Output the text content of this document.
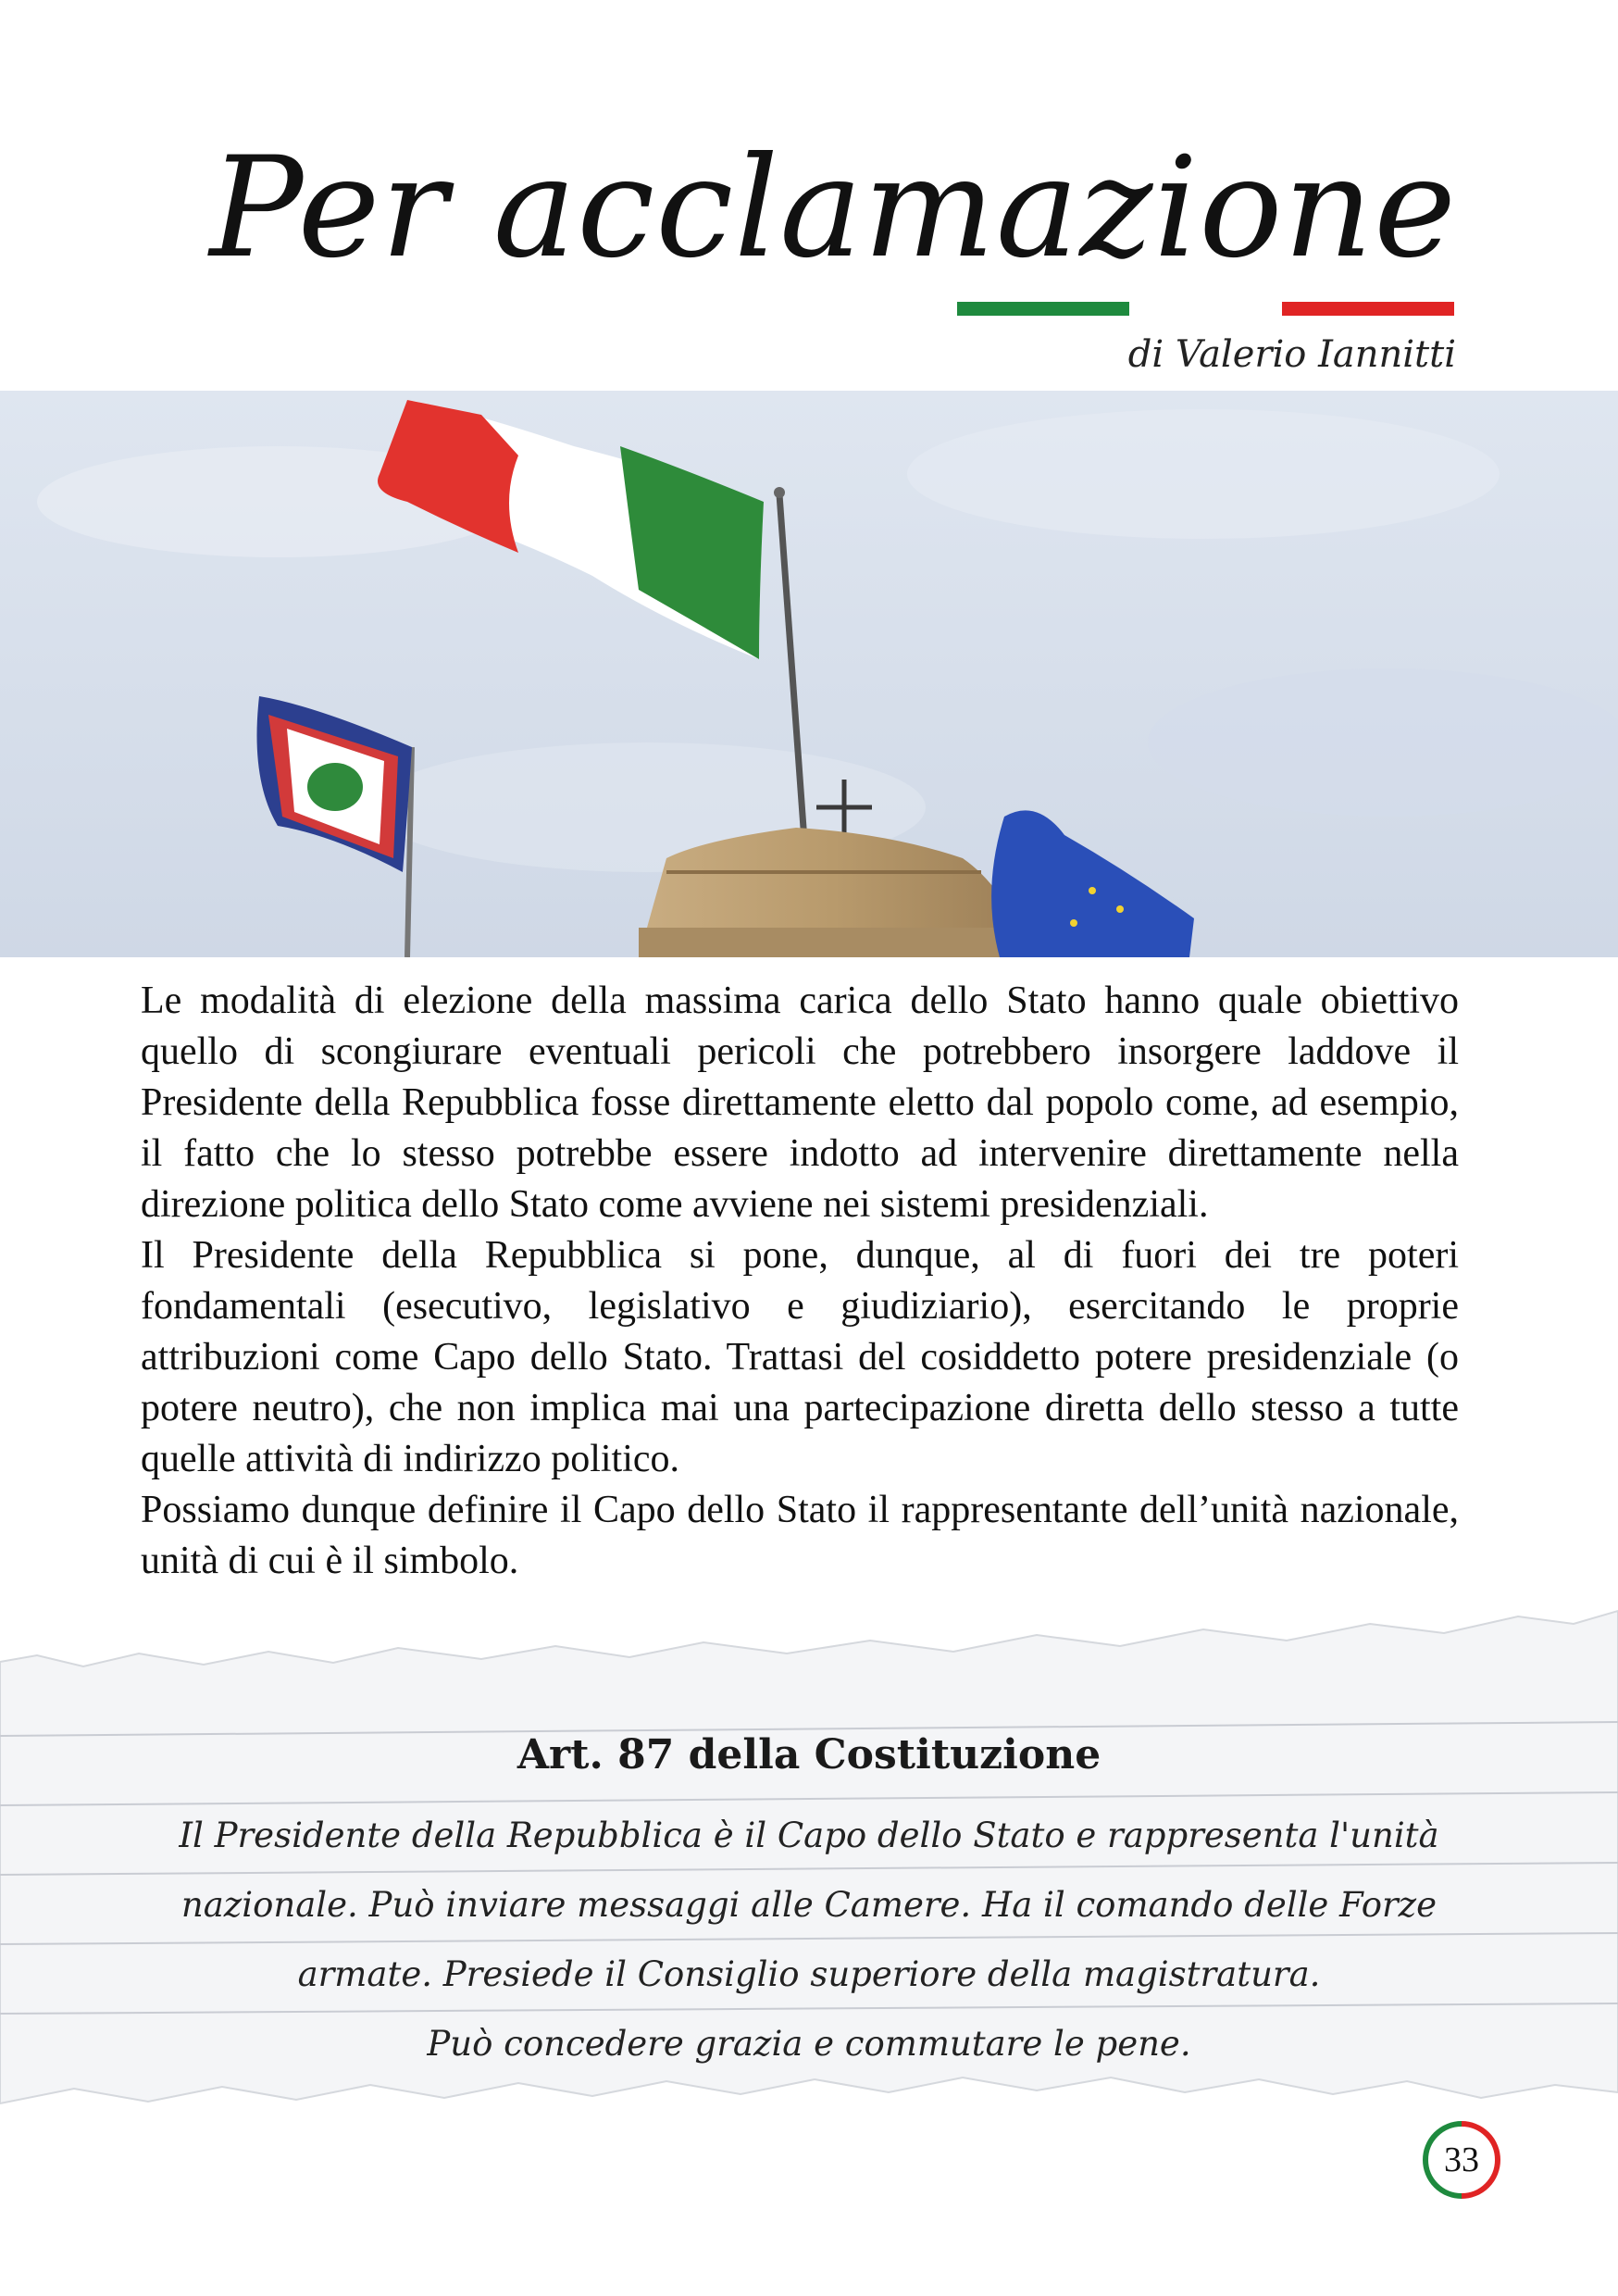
Per acclamazione
di Valerio Iannitti

Le modalità di elezione della massima carica dello Stato hanno quale obiettivo quello di scongiurare eventuali pericoli che potrebbero insorgere laddove il Presidente della Repubblica fosse direttamente eletto dal popolo come, ad esempio, il fatto che lo stesso potrebbe essere indotto ad intervenire direttamente nella direzione politica dello Stato come avviene nei sistemi presidenziali.

Il Presidente della Repubblica si pone, dunque, al di fuori dei tre poteri fondamentali (esecutivo, legislativo e giudiziario), esercitando le proprie attribuzioni come Capo dello Stato. Trattasi del cosiddetto potere presidenziale (o potere neutro), che non implica mai una partecipazione diretta dello stesso a tutte quelle attività di indirizzo politico.

Possiamo dunque definire il Capo dello Stato il rappresentante dell’unità nazionale, unità di cui è il simbolo.

Art. 87 della Costituzione
Il Presidente della Repubblica è il Capo dello Stato e rappresenta l'unità
nazionale. Può inviare messaggi alle Camere. Ha il comando delle Forze
armate. Presiede il Consiglio superiore della magistratura.
Può concedere grazia e commutare le pene.
33
